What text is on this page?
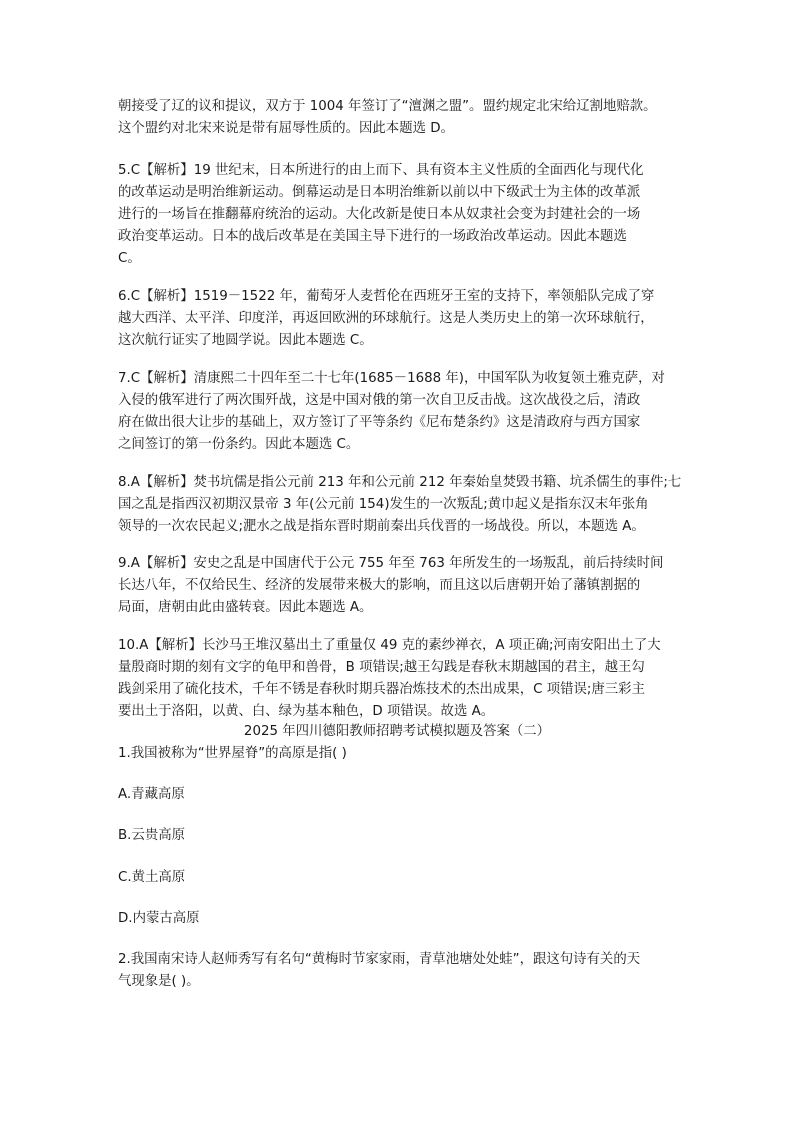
朝接受了辽的议和提议，双方于 1004 年签订了“澶渊之盟”。盟约规定北宋给辽割地赔款。
这个盟约对北宋来说是带有屈辱性质的。因此本题选 D。

5.C【解析】19 世纪末，日本所进行的由上而下、具有资本主义性质的全面西化与现代化
的改革运动是明治维新运动。倒幕运动是日本明治维新以前以中下级武士为主体的改革派
进行的一场旨在推翻幕府统治的运动。大化改新是使日本从奴隶社会变为封建社会的一场
政治变革运动。日本的战后改革是在美国主导下进行的一场政治改革运动。因此本题选
C。

6.C【解析】1519－1522 年，葡萄牙人麦哲伦在西班牙王室的支持下，率领船队完成了穿
越大西洋、太平洋、印度洋，再返回欧洲的环球航行。这是人类历史上的第一次环球航行，
这次航行证实了地圆学说。因此本题选 C。

7.C【解析】清康熙二十四年至二十七年(1685－1688 年)，中国军队为收复领土雅克萨，对
入侵的俄军进行了两次围歼战，这是中国对俄的第一次自卫反击战。这次战役之后，清政
府在做出很大让步的基础上，双方签订了平等条约《尼布楚条约》这是清政府与西方国家
之间签订的第一份条约。因此本题选 C。

8.A【解析】焚书坑儒是指公元前 213 年和公元前 212 年秦始皇焚毁书籍、坑杀儒生的事件;七
国之乱是指西汉初期汉景帝 3 年(公元前 154)发生的一次叛乱;黄巾起义是指东汉末年张角
领导的一次农民起义;淝水之战是指东晋时期前秦出兵伐晋的一场战役。所以，本题选 A。

9.A【解析】安史之乱是中国唐代于公元 755 年至 763 年所发生的一场叛乱，前后持续时间
长达八年，不仅给民生、经济的发展带来极大的影响，而且这以后唐朝开始了藩镇割据的
局面，唐朝由此由盛转衰。因此本题选 A。

10.A【解析】长沙马王堆汉墓出土了重量仅 49 克的素纱禅衣，A 项正确;河南安阳出土了大
量殷商时期的刻有文字的龟甲和兽骨，B 项错误;越王勾践是春秋末期越国的君主，越王勾
践剑采用了硫化技术，千年不锈是春秋时期兵器冶炼技术的杰出成果，C 项错误;唐三彩主
要出土于洛阳，以黄、白、绿为基本釉色，D 项错误。故选 A。

2025 年四川德阳教师招聘考试模拟题及答案（二）

1.我国被称为“世界屋脊”的高原是指( )

A.青藏高原

B.云贵高原

C.黄土高原

D.内蒙古高原

2.我国南宋诗人赵师秀写有名句“黄梅时节家家雨，青草池塘处处蛙”，跟这句诗有关的天
气现象是( )。
